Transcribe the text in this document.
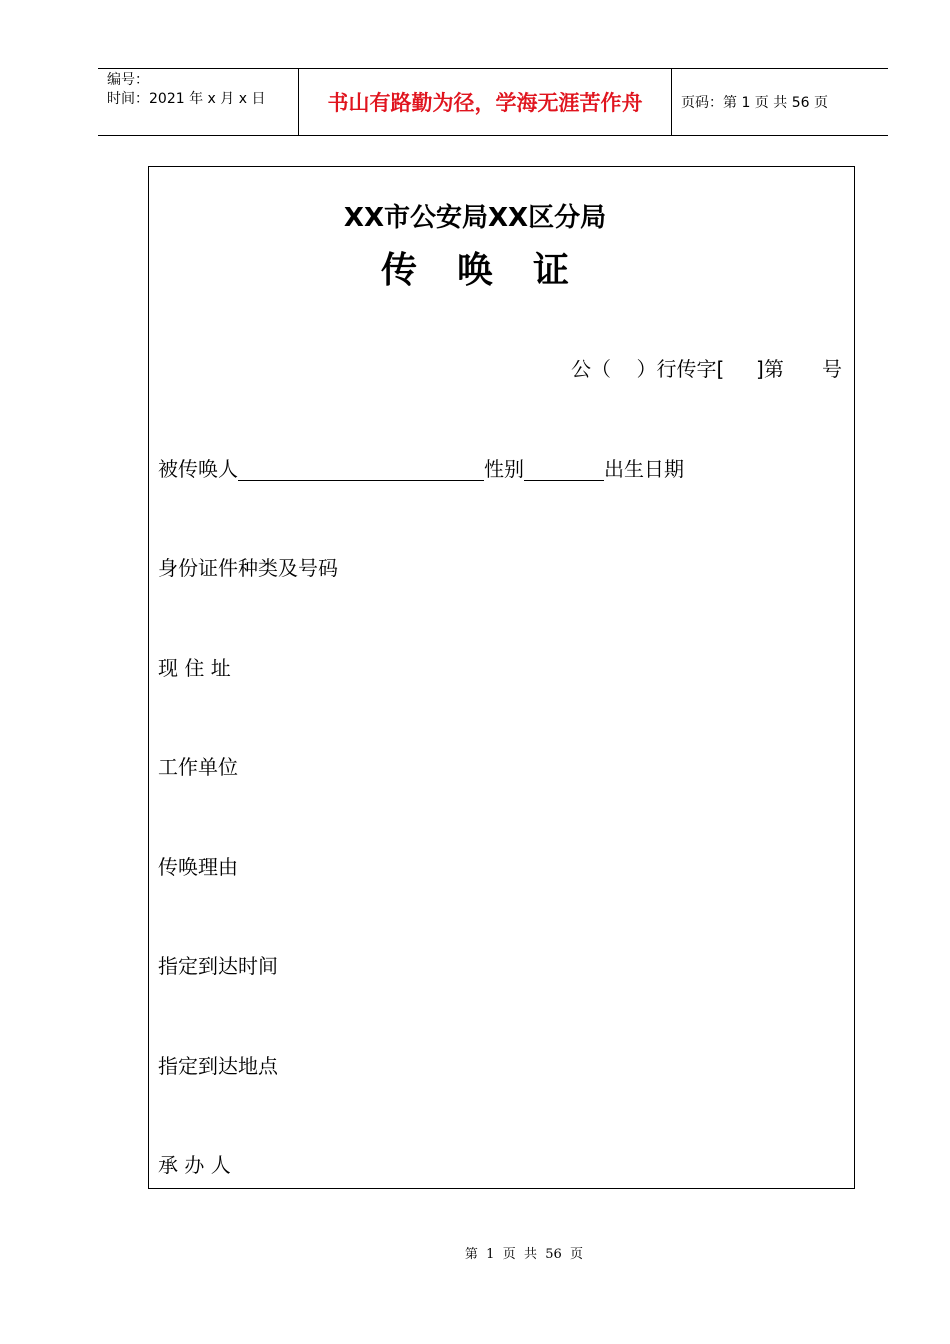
编号：
时间：2021 年 x 月 x 日	书山有路勤为径，学海无涯苦作舟	页码：第 1 页 共 56 页
XX市公安局XX区分局
传唤证
公（    ）行传字[     ]第      号
被传唤人	性别	出生日期
身份证件种类及号码
现 住 址
工作单位
传唤理由
指定到达时间
指定到达地点
承 办 人
第  1  页  共  56  页
